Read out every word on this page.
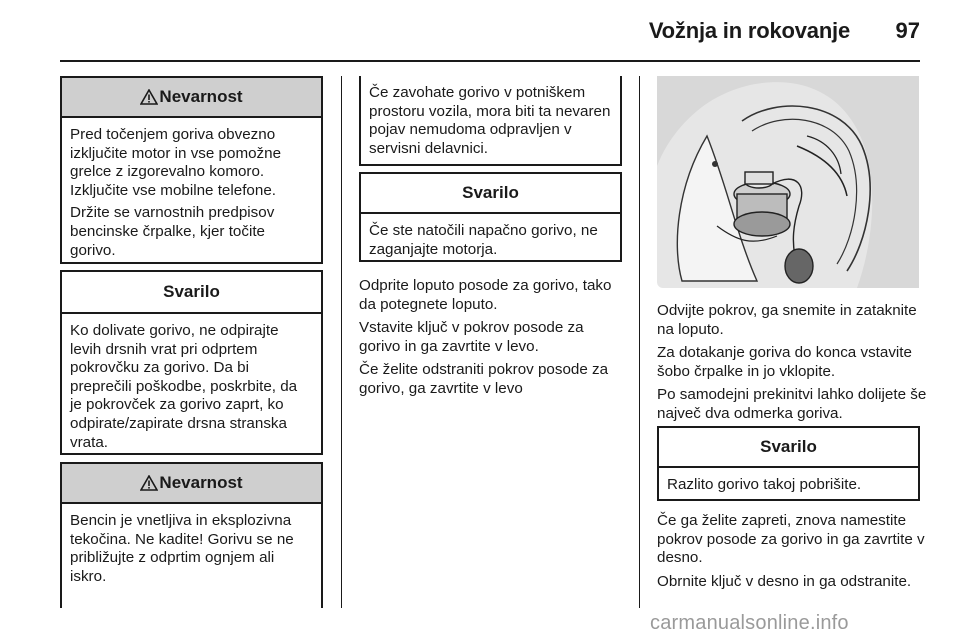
Vožnja in rokovanje	97
Nevarnost

Pred točenjem goriva obvezno izključite motor in vse pomožne grelce z izgorevalno komoro. Izključite vse mobilne telefone.

Držite se varnostnih predpisov bencinske črpalke, kjer točite gorivo.

Svarilo

Ko dolivate gorivo, ne odpirajte levih drsnih vrat pri odprtem pokrovčku za gorivo. Da bi preprečili poškodbe, poskrbite, da je pokrovček za gorivo zaprt, ko odpirate/zapirate drsna stranska vrata.

Nevarnost

Bencin je vnetljiva in eksplozivna tekočina. Ne kadite! Gorivu se ne približujte z odprtim ognjem ali iskro.

Če zavohate gorivo v potniškem prostoru vozila, mora biti ta nevaren pojav nemudoma odpravljen v servisni delavnici.

Svarilo

Če ste natočili napačno gorivo, ne zaganjajte motorja.

Odprite loputo posode za gorivo, tako da potegnete loputo.

Vstavite ključ v pokrov posode za gorivo in ga zavrtite v levo.

Če želite odstraniti pokrov posode za gorivo, ga zavrtite v levo

Odvijte pokrov, ga snemite in zataknite na loputo.

Za dotakanje goriva do konca vstavite šobo črpalke in jo vklopite.

Po samodejni prekinitvi lahko dolijete še največ dva odmerka goriva.

Svarilo

Razlito gorivo takoj pobrišite.

Če ga želite zapreti, znova namestite pokrov posode za gorivo in ga zavrtite v desno.

Obrnite ključ v desno in ga odstranite.

carmanualsonline.info
